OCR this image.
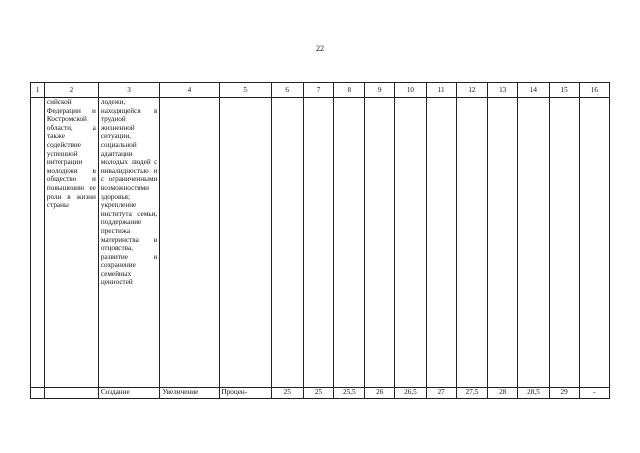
22
1	2	3	4	5	6	7	8	9	10	11	12	13	14	15	16

	сийской Федерации и Костромской области, а также содействие успешной интеграции молодежи в общество и повышению ее роли в жизни страны	лодежи, находящейся в трудной жизненной ситуации, социальной адаптации молодых людей с инвалидностью и с ограниченными возможностями здоровья; укрепление института семьи, поддержание престижа материнства и отцовства, развитие и сохранение семейных ценностей													

		Создание	Увеличение	Процен-	25	25	25,5	26	26,5	27	27,5	28	28,5	29	-
